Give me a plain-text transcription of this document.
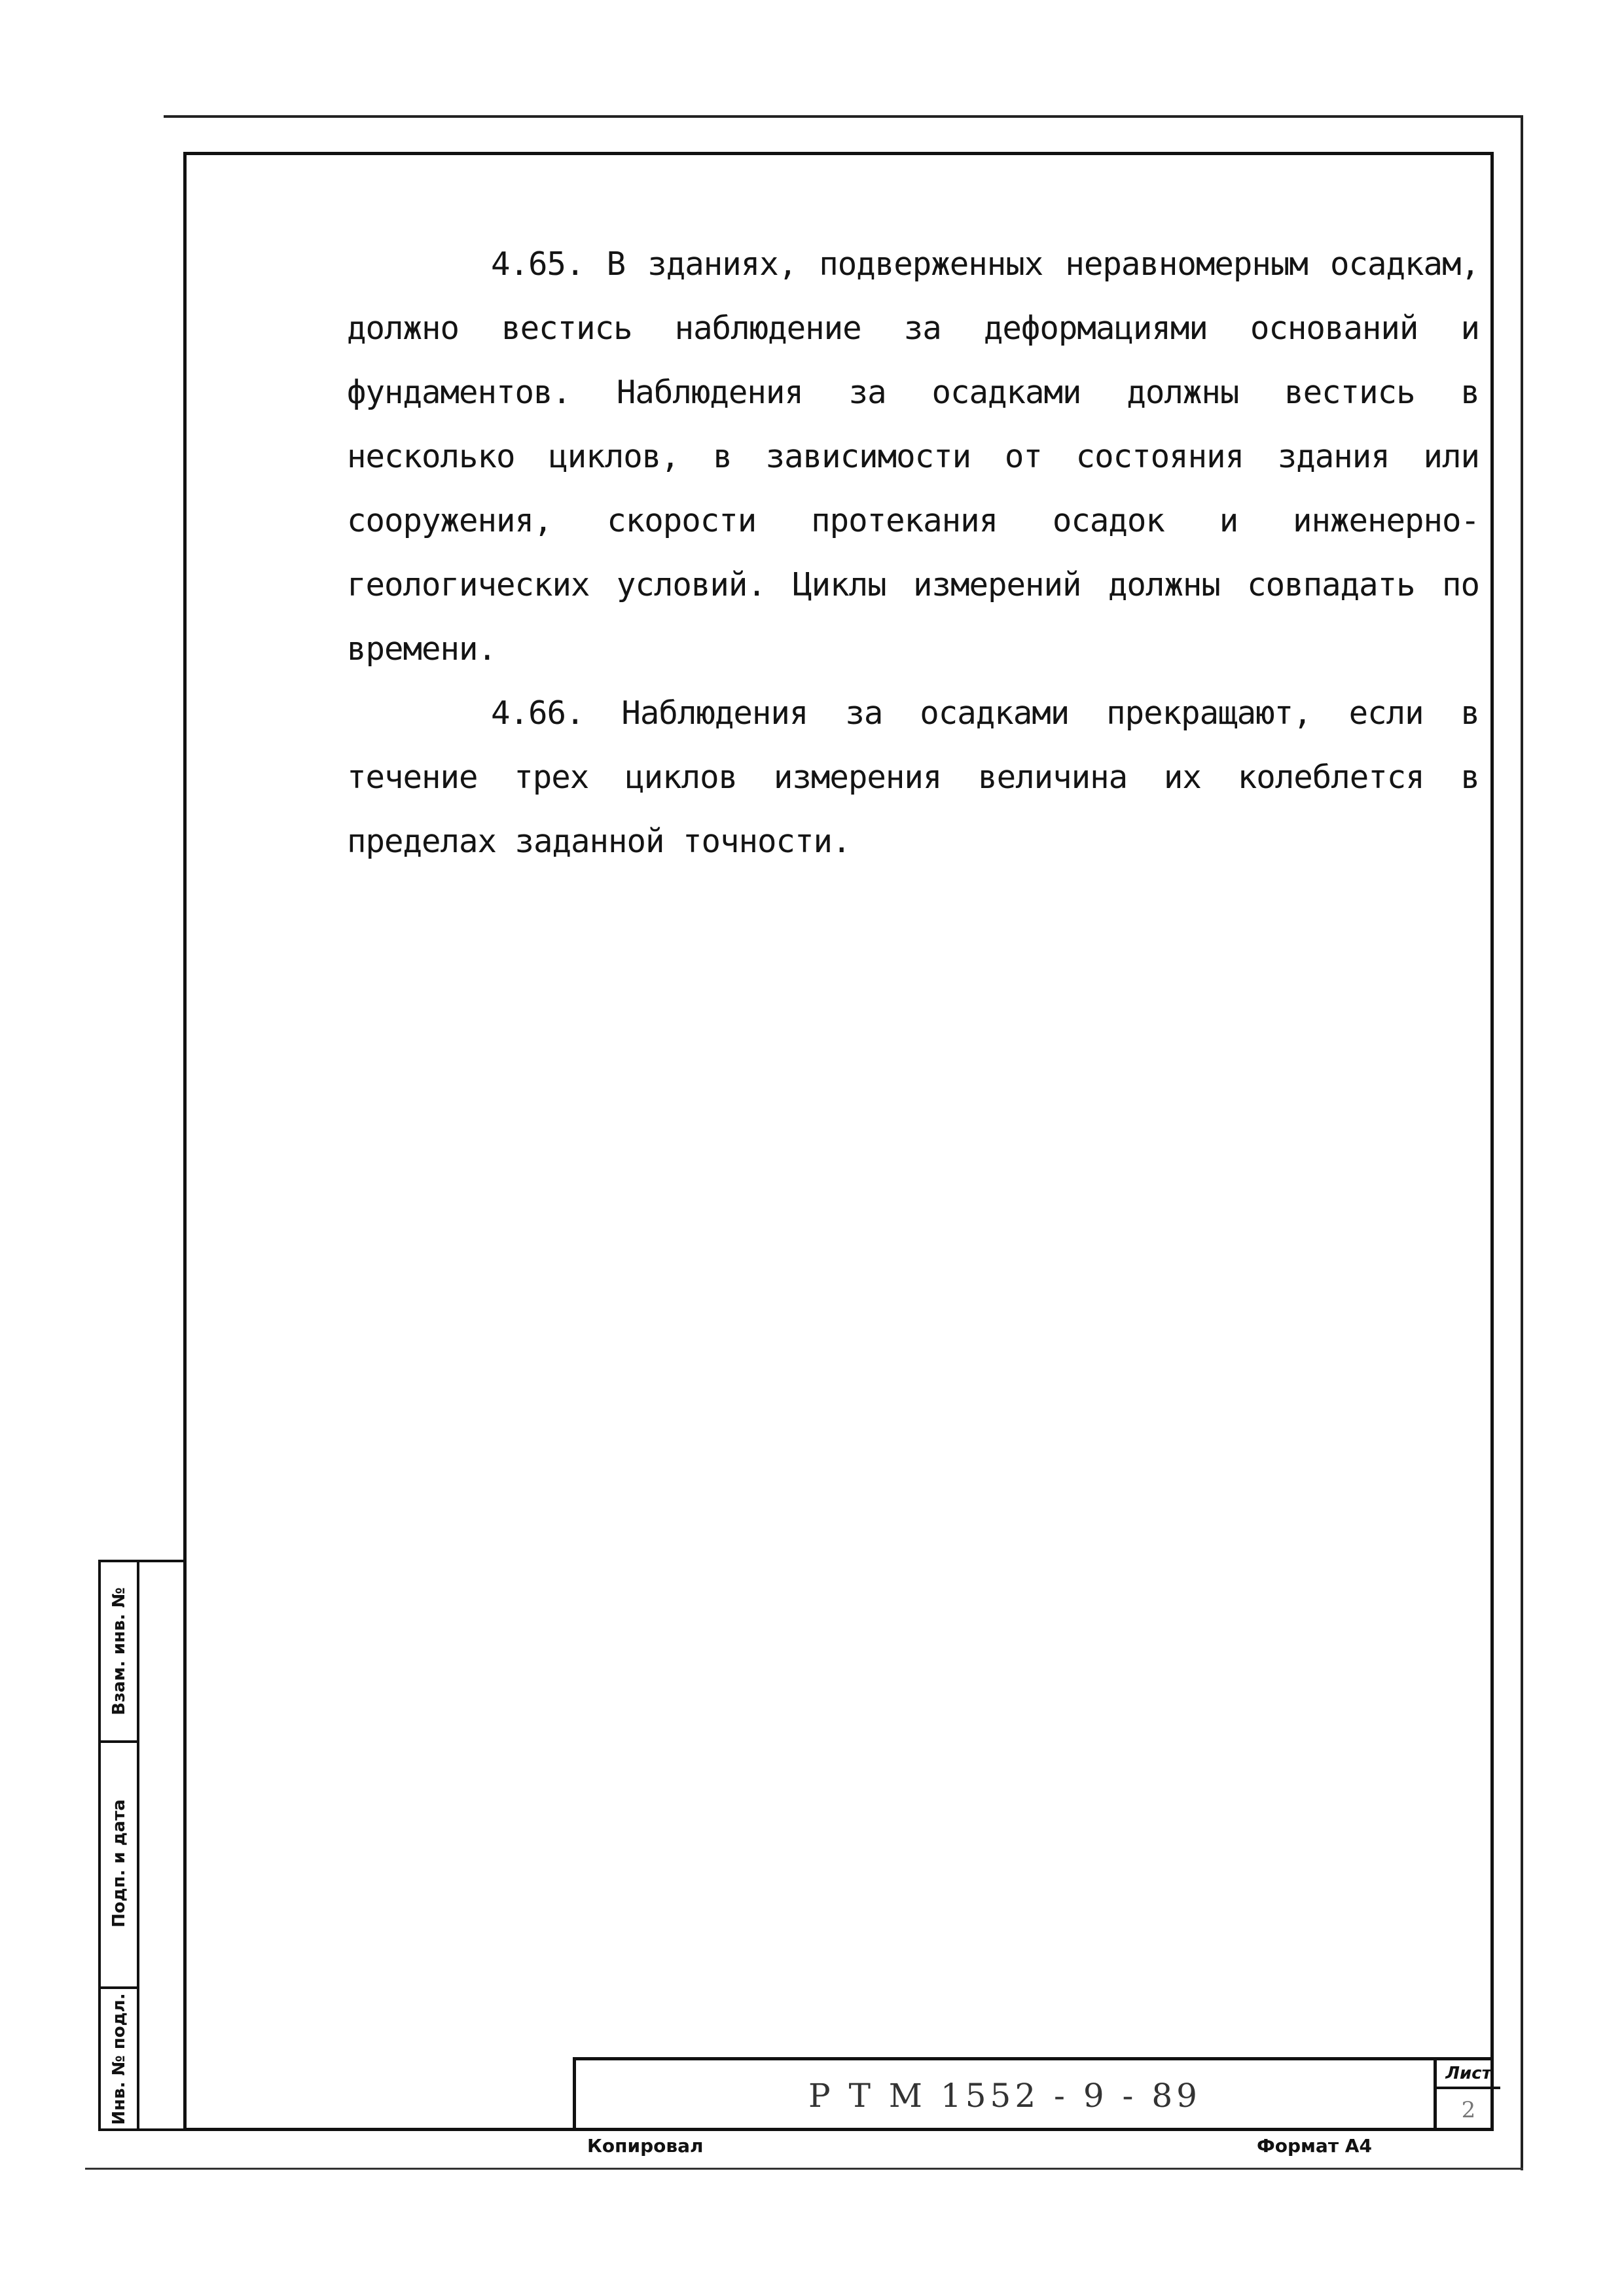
4.65. В зданиях, подверженных неравномерным осадкам, должно вестись наблюдение за деформациями оснований и фундаментов. Наблюдения за осадками должны вестись в несколько циклов, в зависимости от состояния здания или сооружения, скорости протекания осадок и инженерно-геологических условий. Циклы измерений должны совпадать по времени.

4.66. Наблюдения за осадками прекращают, если в течение трех циклов измерения величина их колеблется в пределах заданной точности.

Взам. инв. №
Подп. и дата
Инв. № подл.	Р Т М 1552 - 9 - 89
Лист
2
Копировал	Формат А4
